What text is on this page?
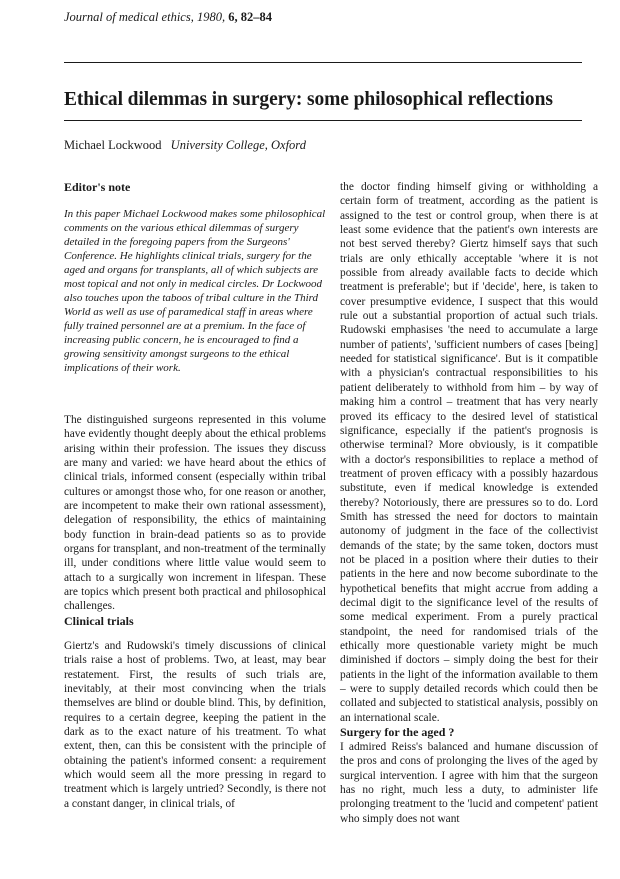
Journal of medical ethics, 1980, 6, 82–84
Ethical dilemmas in surgery: some philosophical reflections
Michael Lockwood University College, Oxford
Editor's note

In this paper Michael Lockwood makes some philosophical comments on the various ethical dilemmas of surgery detailed in the foregoing papers from the Surgeons' Conference. He highlights clinical trials, surgery for the aged and organs for transplants, all of which subjects are most topical and not only in medical circles. Dr Lockwood also touches upon the taboos of tribal culture in the Third World as well as use of paramedical staff in areas where fully trained personnel are at a premium. In the face of increasing public concern, he is encouraged to find a growing sensitivity amongst surgeons to the ethical implications of their work.

The distinguished surgeons represented in this volume have evidently thought deeply about the ethical problems arising within their profession. The issues they discuss are many and varied: we have heard about the ethics of clinical trials, informed consent (especially within tribal cultures or amongst those who, for one reason or another, are incompetent to make their own rational assessment), delegation of responsibility, the ethics of maintaining body function in brain-dead patients so as to provide organs for transplant, and non-treatment of the terminally ill, under conditions where little value would seem to attach to a surgically won increment in lifespan. These are topics which present both practical and philosophical challenges.

Clinical trials

Giertz's and Rudowski's timely discussions of clinical trials raise a host of problems. Two, at least, may bear restatement. First, the results of such trials are, inevitably, at their most convincing when the trials themselves are blind or double blind. This, by definition, requires to a certain degree, keeping the patient in the dark as to the exact nature of his treatment. To what extent, then, can this be consistent with the principle of obtaining the patient's informed consent: a requirement which would seem all the more pressing in regard to treatment which is largely untried? Secondly, is there not a constant danger, in clinical trials, of

the doctor finding himself giving or withholding a certain form of treatment, according as the patient is assigned to the test or control group, when there is at least some evidence that the patient's own interests are not best served thereby? Giertz himself says that such trials are only ethically acceptable 'where it is not possible from already available facts to decide which treatment is preferable'; but if 'decide', here, is taken to cover presumptive evidence, I suspect that this would rule out a substantial proportion of actual such trials. Rudowski emphasises 'the need to accumulate a large number of patients', 'sufficient numbers of cases [being] needed for statistical significance'. But is it compatible with a physician's contractual responsibilities to his patient deliberately to withhold from him – by way of making him a control – treatment that has very nearly proved its efficacy to the desired level of statistical significance, especially if the patient's prognosis is otherwise terminal? More obviously, is it compatible with a doctor's responsibilities to replace a method of treatment of proven efficacy with a possibly hazardous substitute, even if medical knowledge is extended thereby? Notoriously, there are pressures so to do. Lord Smith has stressed the need for doctors to maintain autonomy of judgment in the face of the collectivist demands of the state; by the same token, doctors must not be placed in a position where their duties to their patients in the here and now become subordinate to the hypothetical benefits that might accrue from adding a decimal digit to the significance level of the results of some medical experiment. From a purely practical standpoint, the need for randomised trials of the ethically more questionable variety might be much diminished if doctors – simply doing the best for their patients in the light of the information available to them – were to supply detailed records which could then be collated and subjected to statistical analysis, possibly on an international scale.

Surgery for the aged ?

I admired Reiss's balanced and humane discussion of the pros and cons of prolonging the lives of the aged by surgical intervention. I agree with him that the surgeon has no right, much less a duty, to administer life prolonging treatment to the 'lucid and competent' patient who simply does not want
